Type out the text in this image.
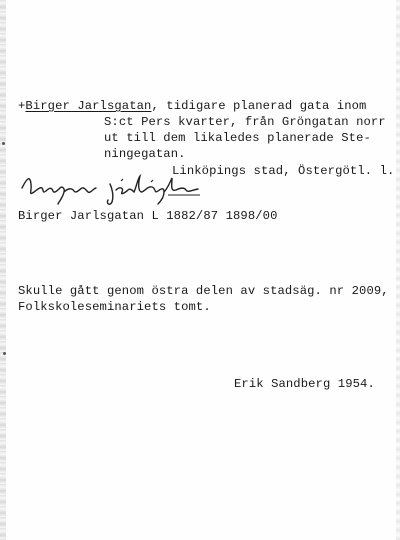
+Birger Jarlsgatan, tidigare planerad gata inom
S:ct Pers kvarter, från Gröngatan norr
ut till dem likaledes planerade Ste-
ningegatan.
Linköpings stad, Östergötl. l.
birger jarlsgata
Birger Jarlsgatan L 1882/87 1898/00
Skulle gått genom östra delen av stadsäg. nr 2009,
Folkskoleseminariets tomt.
Erik Sandberg 1954.
